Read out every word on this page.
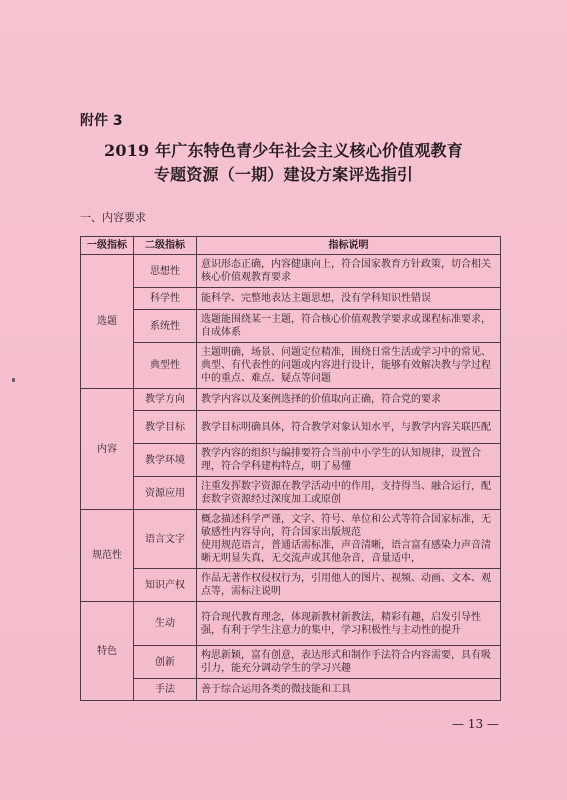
附件 3
2019 年广东特色青少年社会主义核心价值观教育
专题资源（一期）建设方案评选指引
一、内容要求
一级指标	二级指标	指标说明
选题	思想性	意识形态正确，内容健康向上，符合国家教育方针政策，切合相关核心价值观教育要求
	科学性	能科学、完整地表达主题思想，没有学科知识性错误
	系统性	选题能围绕某一主题，符合核心价值观教学要求或课程标准要求，自成体系
	典型性	主题明确，场景、问题定位精准，围绕日常生活或学习中的常见、典型、有代表性的问题或内容进行设计，能够有效解决教与学过程中的重点、难点、疑点等问题
内容	教学方向	教学内容以及案例选择的价值取向正确，符合党的要求
	教学目标	教学目标明确具体，符合教学对象认知水平，与教学内容关联匹配
	教学环境	教学内容的组织与编排要符合当前中小学生的认知规律，设置合理，符合学科建构特点，明了易懂
	资源应用	注重发挥数字资源在教学活动中的作用，支持得当、融合运行，配套数字资源经过深度加工或原创
规范性	语言文字	概念描述科学严谨，文字、符号、单位和公式等符合国家标准，无敏感性内容导向，符合国家出版规范
使用规范语言，普通话需标准，声音清晰，语言富有感染力声音清晰无明显失真，无交流声或其他杂音，音量适中，
	知识产权	作品无著作权侵权行为，引用他人的图片、视频、动画、文本、观点等，需标注说明
特色	生动	符合现代教育理念，体现新教材新教法，精彩有趣，启发引导性强，有利于学生注意力的集中，学习积极性与主动性的提升
	创新	构思新颖，富有创意，表达形式和制作手法符合内容需要，具有吸引力，能充分调动学生的学习兴趣
	手法	善于综合运用各类的微技能和工具
— 13 —
